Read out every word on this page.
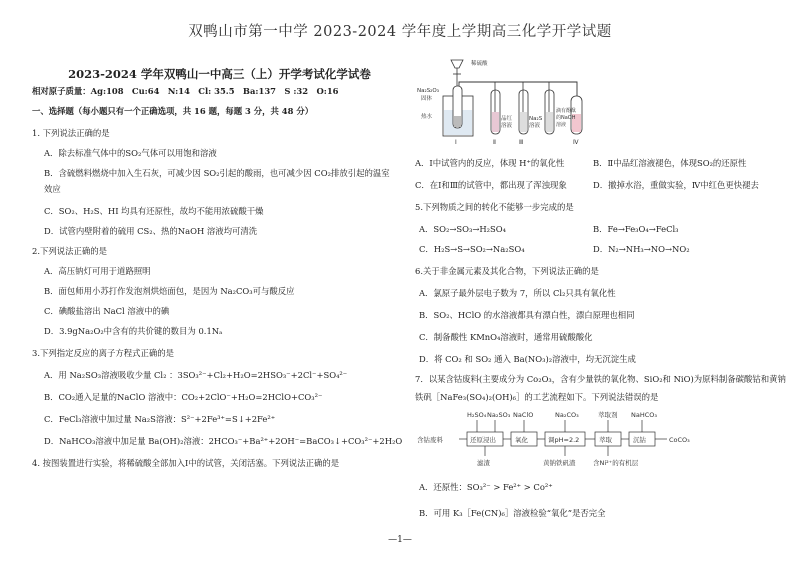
双鸭山市第一中学 2023-2024 学年度上学期高三化学开学试题
2023-2024 学年双鸭山一中高三（上）开学考试化学试卷
相对原子质量：Ag:108　Cu:64　N:14　Cl: 35.5　Ba:137　S :32　O:16
一、选择题（每小题只有一个正确选项，共 16 题，每题 3 分，共 48 分）
1. 下列说法正确的是
A．除去标准气体中的SO₂气体可以用饱和溶液
B．含硫燃料燃烧中加入生石灰，可减少因 SO₂引起的酸雨，也可减少因 CO₂排放引起的温室
效应
C．SO₂、H₂S、HI 均具有还原性，故均不能用浓硫酸干燥
D．试管内壁附着的硫用 CS₂、热的NaOH 溶液均可清洗
2.下列说法正确的是
A．高压钠灯可用于道路照明
B．面包师用小苏打作发泡剂烘焙面包，是因为 Na₂CO₃可与酸反应
C．碘酸盐溶出 NaCl 溶液中的碘
D．3.9gNa₂O₂中含有的共价键的数目为 0.1Nₐ
3.下列指定反应的离子方程式正确的是
A．用 Na₂SO₃溶液吸收少量 Cl₂ ：3SO₃²⁻+Cl₂+H₂O=2HSO₃⁻+2Cl⁻+SO₄²⁻
B．CO₂通入足量的NaClO 溶液中：CO₂+2ClO⁻+H₂O=2HClO+CO₃²⁻
C．FeCl₃溶液中加过量 Na₂S溶液：S²⁻+2Fe³⁺=S↓+2Fe²⁺
D．NaHCO₃溶液中加足量 Ba(OH)₂溶液：2HCO₃⁻+Ba²⁺+2OH⁻=BaCO₃↓+CO₃²⁻+2H₂O
4. 按图装置进行实验，将稀硫酸全部加入Ⅰ中的试管，关闭活塞。下列说法正确的是
稀硫酸
Na₂S₂O₃
固体
热水
Ⅰ	Ⅱ	Ⅲ	Ⅳ
品红
溶液
Na₂S
溶液
滴有酚酞
的NaOH
溶液
A．Ⅰ中试管内的反应，体现 H⁺的氧化性	B．Ⅱ中品红溶液褪色，体现SO₂的还原性
C．在Ⅰ和Ⅲ的试管中，都出现了浑浊现象	D．撤掉水浴，重做实验，Ⅳ中红色更快褪去
5.下列物质之间的转化不能够一步完成的是
A．SO₂→SO₃→H₂SO₄	B．Fe→Fe₃O₄→FeCl₃
C．H₂S→S→SO₂→Na₂SO₄	D．N₂→NH₃→NO→NO₂
6.关于非金属元素及其化合物，下列说法正确的是
A．氯原子最外层电子数为 7，所以 Cl₂只具有氧化性
B．SO₂、HClO 的水溶液都具有漂白性，漂白原理也相同
C．制备酸性 KMnO₄溶液时，通常用硫酸酸化
D．将 CO₂ 和 SO₂ 通入 Ba(NO₃)₂溶液中，均无沉淀生成
7．以某含钴废料(主要成分为 Co₂O₃，含有少量铁的氧化物、SiO₂和 NiO)为原料制备碳酸钴和黄钠
铁矾［NaFe₃(SO₄)₂(OH)₆］的工艺流程如下。下列说法错误的是
H₂SO₄ Na₂SO₃ NaClO	Na₂CO₃	萃取剂 NaHCO₃
含钴废料	还原浸出	氧化	调pH=2.2	萃取	沉钴	CoCO₃
滤渣	黄钠铁矾渣	含Ni²⁺的有机层
A．还原性：SO₃²⁻ > Fe²⁺ > Co²⁺
B．可用 K₃［Fe(CN)₆］溶液检验“氧化”是否完全
—1—
